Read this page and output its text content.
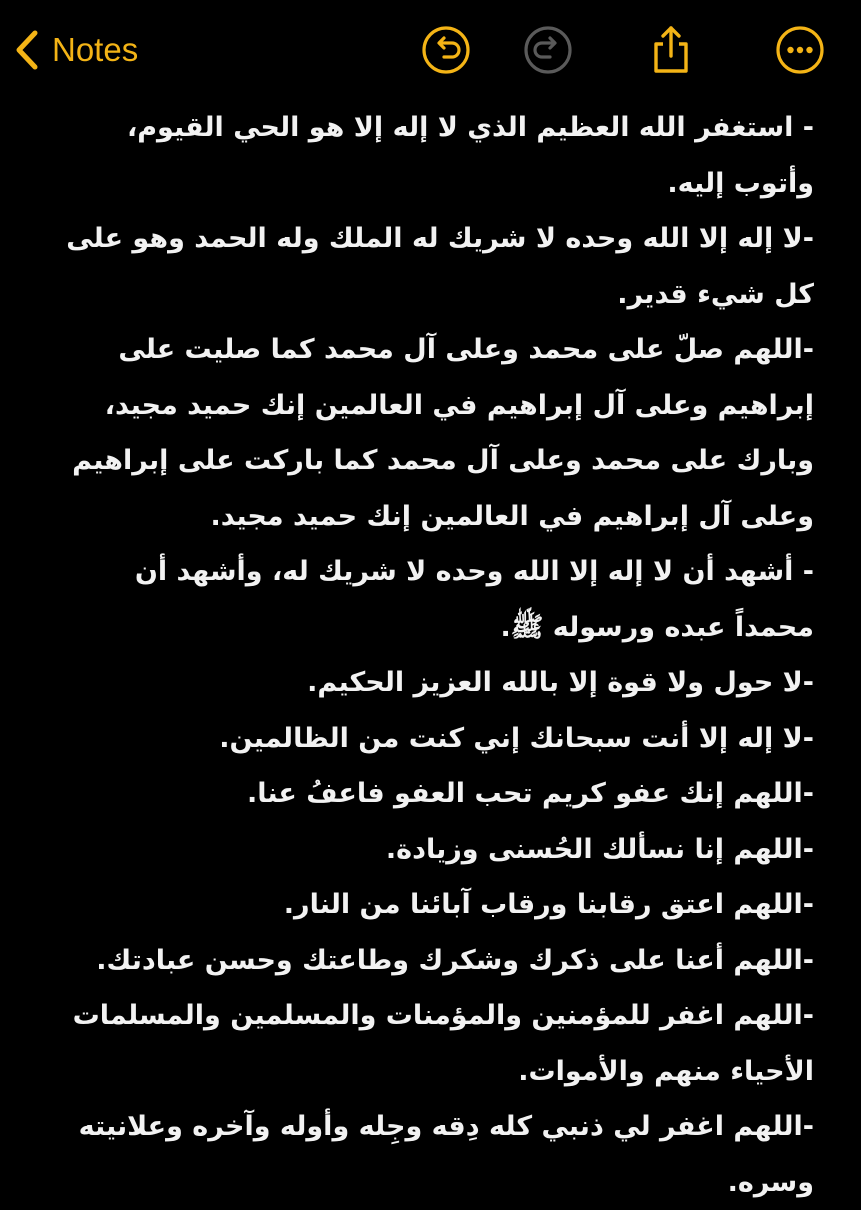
Notes
- استغفر الله العظيم الذي لا إله إلا هو الحي القيوم،
وأتوب إليه.
-لا إله إلا الله وحده لا شريك له الملك وله الحمد وهو على
كل شيء قدير.
-اللهم صلّ على محمد وعلى آل محمد كما صليت على
إبراهيم وعلى آل إبراهيم في العالمين إنك حميد مجيد،
وبارك على محمد وعلى آل محمد كما باركت على إبراهيم
وعلى آل إبراهيم في العالمين إنك حميد مجيد.
- أشهد أن لا إله إلا الله وحده لا شريك له، وأشهد أن
محمداً عبده ورسوله ﷺ.
-لا حول ولا قوة إلا بالله العزيز الحكيم.
-لا إله إلا أنت سبحانك إني كنت من الظالمين.
-اللهم إنك عفو كريم تحب العفو فاعفُ عنا.
-اللهم إنا نسألك الحُسنى وزيادة.
-اللهم اعتق رقابنا ورقاب آبائنا من النار.
-اللهم أعنا على ذكرك وشكرك وطاعتك وحسن عبادتك.
-اللهم اغفر للمؤمنين والمؤمنات والمسلمين والمسلمات
الأحياء منهم والأموات.
-اللهم اغفر لي ذنبي كله دِقه وجِله وأوله وآخره وعلانيته
وسره.
